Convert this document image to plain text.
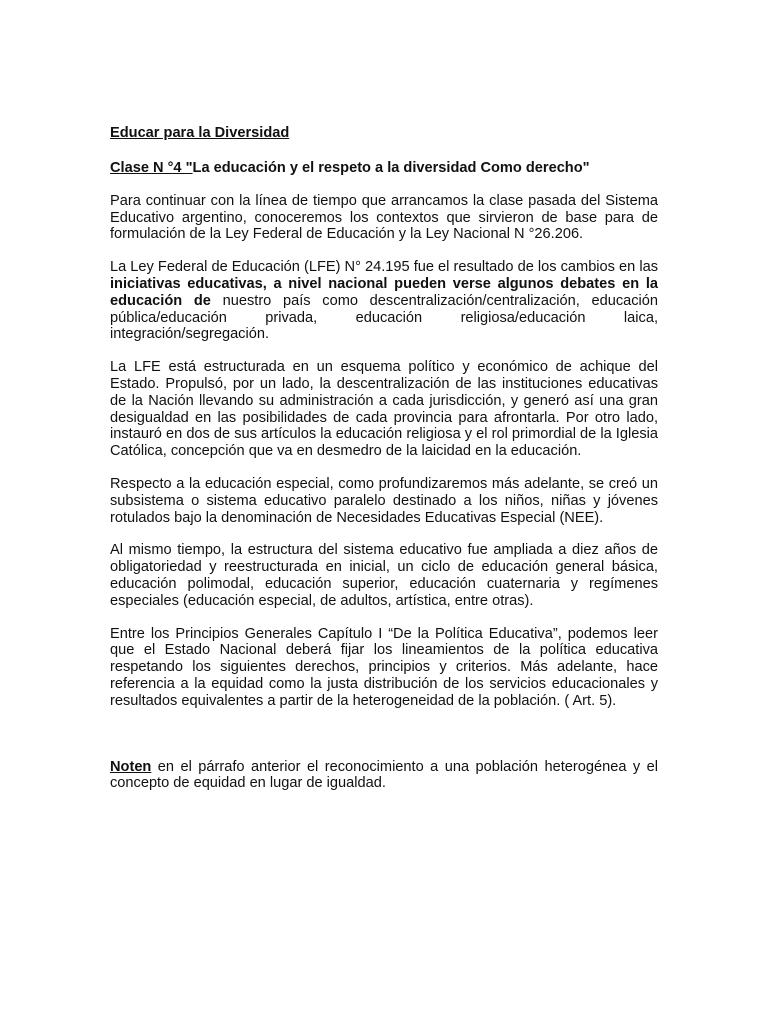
Educar para la Diversidad
Clase N °4 "La educación y el respeto a la diversidad Como derecho"

Para continuar con la línea de tiempo que arrancamos la clase pasada del Sistema Educativo argentino, conoceremos los contextos que sirvieron de base para de formulación de la Ley Federal de Educación y la Ley Nacional N °26.206.

La Ley Federal de Educación (LFE) N° 24.195 fue el resultado de los cambios en las iniciativas educativas, a nivel nacional pueden verse algunos debates en la educación de nuestro país como descentralización/centralización, educación pública/educación privada, educación religiosa/educación laica, integración/segregación.

La LFE está estructurada en un esquema político y económico de achique del Estado. Propulsó, por un lado, la descentralización de las instituciones educativas de la Nación llevando su administración a cada jurisdicción, y generó así una gran desigualdad en las posibilidades de cada provincia para afrontarla. Por otro lado, instauró en dos de sus artículos la educación religiosa y el rol primordial de la Iglesia Católica, concepción que va en desmedro de la laicidad en la educación.

Respecto a la educación especial, como profundizaremos más adelante, se creó un subsistema o sistema educativo paralelo destinado a los niños, niñas y jóvenes rotulados bajo la denominación de Necesidades Educativas Especial (NEE).

Al mismo tiempo, la estructura del sistema educativo fue ampliada a diez años de obligatoriedad y reestructurada en inicial, un ciclo de educación general básica, educación polimodal, educación superior, educación cuaternaria y regímenes especiales (educación especial, de adultos, artística, entre otras).

Entre los Principios Generales Capítulo I “De la Política Educativa”, podemos leer que el Estado Nacional deberá fijar los lineamientos de la política educativa respetando los siguientes derechos, principios y criterios. Más adelante, hace referencia a la equidad como la justa distribución de los servicios educacionales y resultados equivalentes a partir de la heterogeneidad de la población. ( Art. 5).

Noten en el párrafo anterior el reconocimiento a una población heterogénea y el concepto de equidad en lugar de igualdad.
